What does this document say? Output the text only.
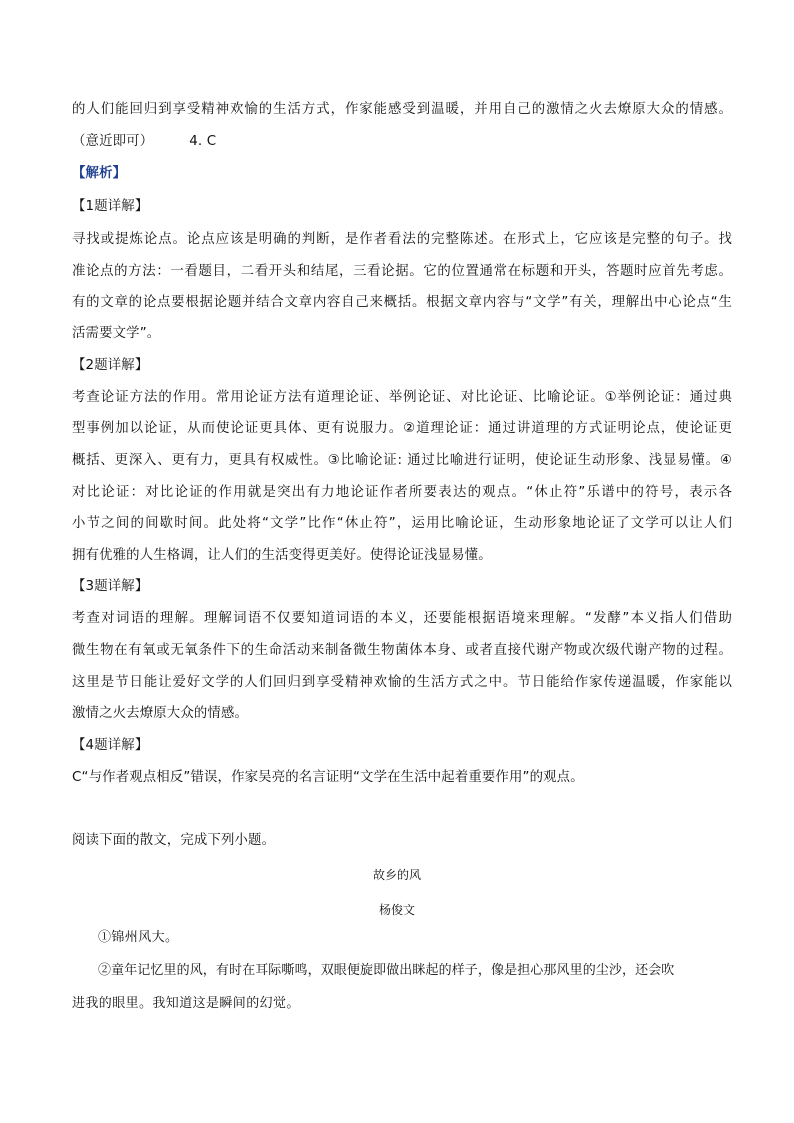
的人们能回归到享受精神欢愉的生活方式，作家能感受到温暖，并用自己的激情之火去燎原大众的情感。
（意近即可）	4. C
【解析】
【1题详解】
寻找或提炼论点。论点应该是明确的判断，是作者看法的完整陈述。在形式上，它应该是完整的句子。找
准论点的方法：一看题目，二看开头和结尾，三看论据。它的位置通常在标题和开头，答题时应首先考虑。
有的文章的论点要根据论题并结合文章内容自己来概括。根据文章内容与“文学”有关，理解出中心论点“生
活需要文学”。
【2题详解】
考查论证方法的作用。常用论证方法有道理论证、举例论证、对比论证、比喻论证。①举例论证：通过典
型事例加以论证，从而使论证更具体、更有说服力。②道理论证：通过讲道理的方式证明论点，使论证更
概括、更深入、更有力，更具有权威性。③比喻论证: 通过比喻进行证明，使论证生动形象、浅显易懂。④
对比论证：对比论证的作用就是突出有力地论证作者所要表达的观点。“休止符”乐谱中的符号，表示各
小节之间的间歇时间。此处将“文学”比作“休止符”，运用比喻论证，生动形象地论证了文学可以让人们
拥有优雅的人生格调，让人们的生活变得更美好。使得论证浅显易懂。
【3题详解】
考查对词语的理解。理解词语不仅要知道词语的本义，还要能根据语境来理解。“发酵”本义指人们借助
微生物在有氧或无氧条件下的生命活动来制备微生物菌体本身、或者直接代谢产物或次级代谢产物的过程。
这里是节日能让爱好文学的人们回归到享受精神欢愉的生活方式之中。节日能给作家传递温暖，作家能以
激情之火去燎原大众的情感。
【4题详解】
C“与作者观点相反”错误，作家吴亮的名言证明“文学在生活中起着重要作用”的观点。
阅读下面的散文，完成下列小题。
故乡的风
杨俊文
①锦州风大。
②童年记忆里的风，有时在耳际嘶鸣，双眼便旋即做出眯起的样子，像是担心那风里的尘沙，还会吹
进我的眼里。我知道这是瞬间的幻觉。
